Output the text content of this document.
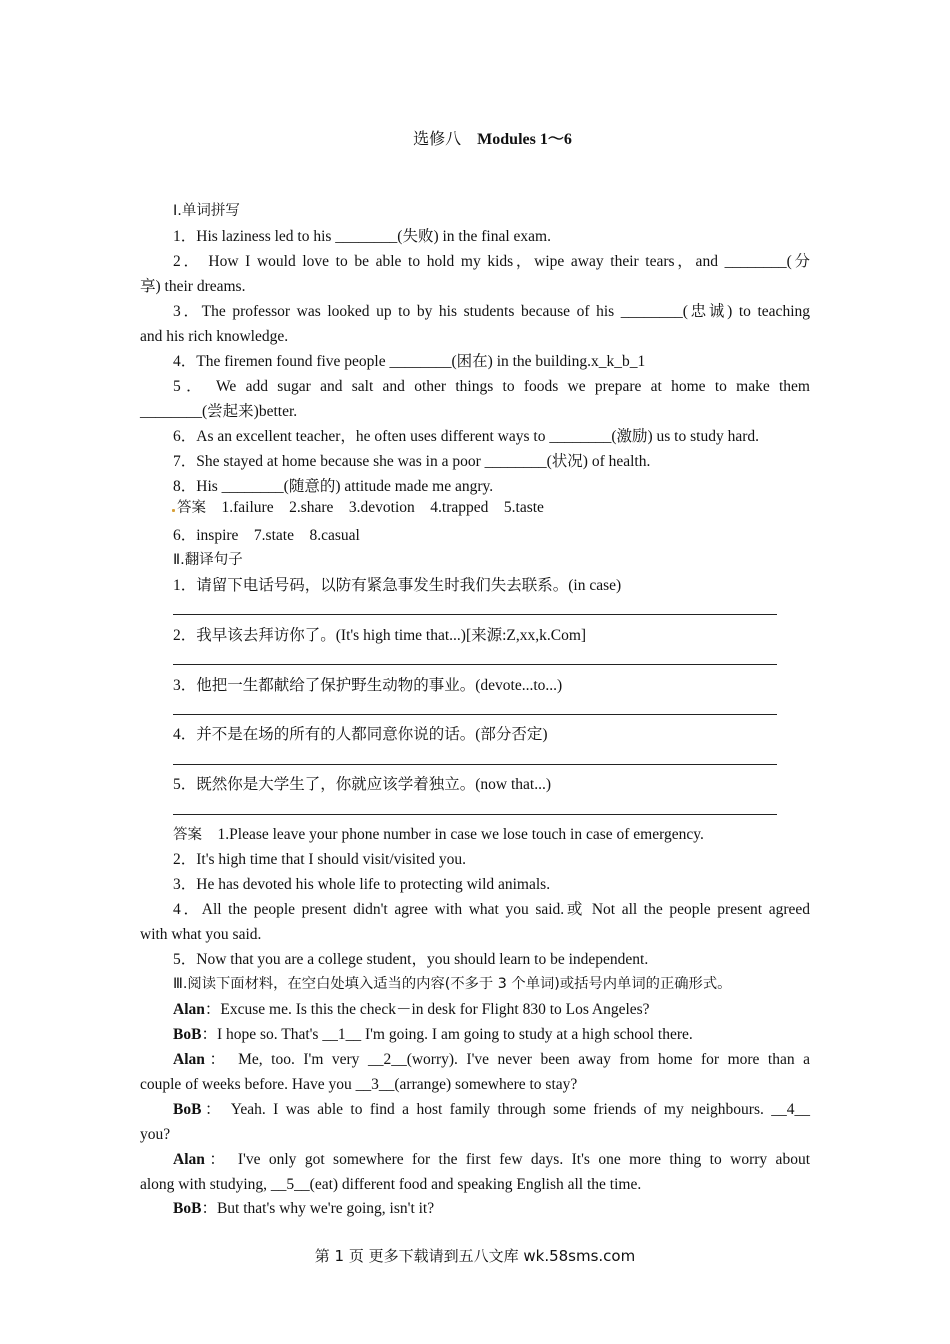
选修八　 Modules 1～6
Ⅰ.单词拼写
1．His laziness led to his ________(失败) in the final exam.
2． How I would love to be able to hold my kids，wipe away their tears，and ________(分
享) their dreams.
3．The professor was looked up to by his students because of his ________(忠诚) to teaching
and his rich knowledge.
4．The firemen found five people ________(困在) in the building.x_k_b_1
5． We add sugar and salt and other things to foods we prepare at home to make them
________(尝起来)better.
6．As an excellent teacher，he often uses different ways to ________(激励) us to study hard.
7．She stayed at home because she was in a poor ________(状况) of health.
8．His ________(随意的) attitude made me angry.
答案　 1.failure　2.share　3.devotion　4.trapped　5.taste
6．inspire　7.state　8.casual
Ⅱ.翻译句子
1．请留下电话号码，以防有紧急事发生时我们失去联系。(in case)
2．我早该去拜访你了。(It's high time that...)[来源:Z,xx,k.Com]
3．他把一生都献给了保护野生动物的事业。(devote...to...)
4．并不是在场的所有的人都同意你说的话。(部分否定)
5．既然你是大学生了，你就应该学着独立。(now that...)
答案　 1.Please leave your phone number in case we lose touch in case of emergency.
2．It's high time that I should visit/visited you.
3．He has devoted his whole life to protecting wild animals.
4．All the people present didn't agree with what you said.或 Not all the people present agreed
with what you said.
5．Now that you are a college student，you should learn to be independent.
Ⅲ.阅读下面材料，在空白处填入适当的内容(不多于 3 个单词)或括号内单词的正确形式。
Alan：Excuse me. Is this the check－in desk for Flight 830 to Los Angeles?
BoB：I hope so. That's __1__ I'm going. I am going to study at a high school there.
Alan： Me, too. I'm very __2__(worry). I've never been away from home for more than a
couple of weeks before. Have you __3__(arrange) somewhere to stay?
BoB： Yeah. I was able to find a host family through some friends of my neighbours. __4__
you?
Alan： I've only got somewhere for the first few days. It's one more thing to worry about
along with studying, __5__(eat) different food and speaking English all the time.
BoB：But that's why we're going, isn't it?
第 1 页 更多下载请到五八文库 wk.58sms.com
